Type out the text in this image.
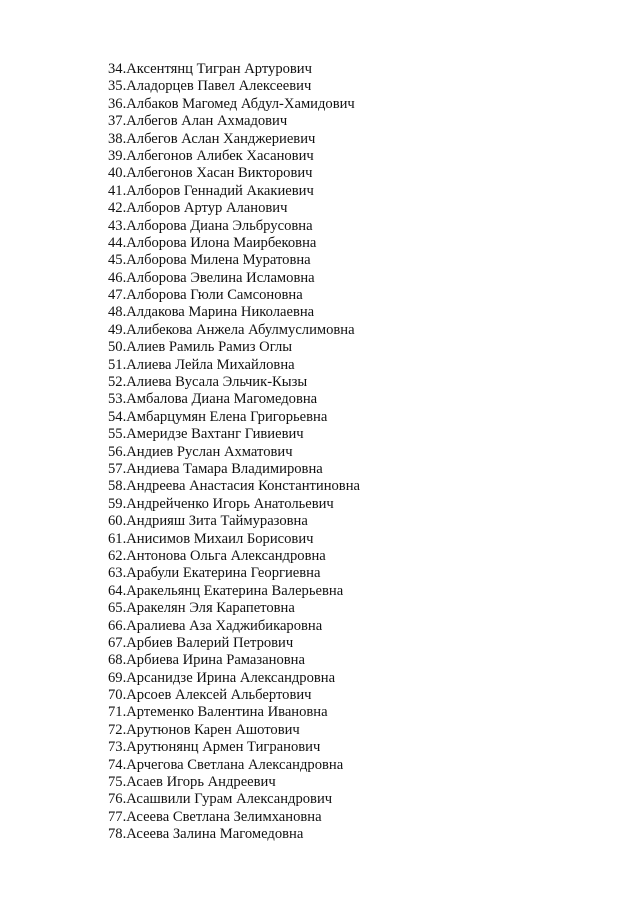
34.Аксентянц Тигран Артурович
35.Аладорцев Павел Алексеевич
36.Албаков Магомед Абдул-Хамидович
37.Албегов Алан Ахмадович
38.Албегов Аслан Ханджериевич
39.Албегонов Алибек Хасанович
40.Албегонов Хасан Викторович
41.Алборов Геннадий Акакиевич
42.Алборов Артур Аланович
43.Алборова Диана Эльбрусовна
44.Алборова Илона Маирбековна
45.Алборова Милена Муратовна
46.Алборова Эвелина Исламовна
47.Алборова Гюли Самсоновна
48.Алдакова Марина Николаевна
49.Алибекова Анжела Абулмуслимовна
50.Алиев Рамиль Рамиз Оглы
51.Алиева Лейла Михайловна
52.Алиева Вусала Эльчик-Кызы
53.Амбалова Диана Магомедовна
54.Амбарцумян Елена Григорьевна
55.Америдзе Вахтанг Гивиевич
56.Андиев Руслан Ахматович
57.Андиева Тамара Владимировна
58.Андреева Анастасия Константиновна
59.Андрейченко Игорь Анатольевич
60.Андрияш Зита Таймуразовна
61.Анисимов Михаил Борисович
62.Антонова Ольга Александровна
63.Арабули Екатерина Георгиевна
64.Аракельянц Екатерина Валерьевна
65.Аракелян Эля Карапетовна
66.Аралиева Аза Хаджибикаровна
67.Арбиев Валерий Петрович
68.Арбиева Ирина Рамазановна
69.Арсанидзе Ирина Александровна
70.Арсоев Алексей Альбертович
71.Артеменко Валентина Ивановна
72.Арутюнов Карен Ашотович
73.Арутюнянц Армен Тигранович
74.Арчегова Светлана Александровна
75.Асаев Игорь Андреевич
76.Асашвили Гурам Александрович
77.Асеева Светлана Зелимхановна
78.Асеева Залина Магомедовна
